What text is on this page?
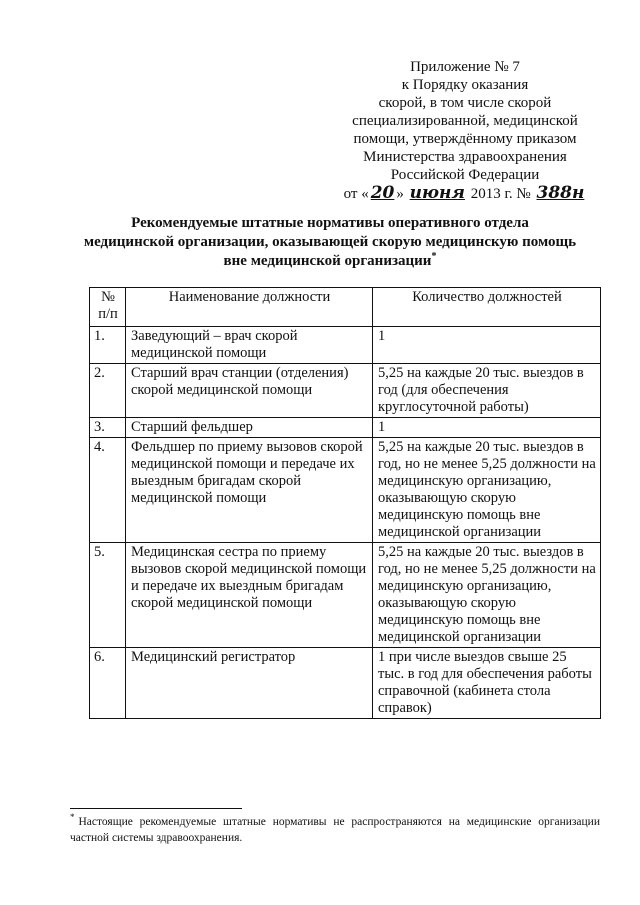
Приложение № 7
к Порядку оказания
скорой, в том числе скорой
специализированной, медицинской
помощи, утверждённому приказом
Министерства здравоохранения
Российской Федерации
от « 20 » июня 2013 г. № 388н
Рекомендуемые штатные нормативы оперативного отдела
медицинской организации, оказывающей скорую медицинскую помощь
вне медицинской организации*
№ п/п	Наименование должности	Количество должностей
1.	Заведующий – врач скорой медицинской помощи	1
2.	Старший врач станции (отделения) скорой медицинской помощи	5,25 на каждые 20 тыс. выездов в год (для обеспечения круглосуточной работы)
3.	Старший фельдшер	1
4.	Фельдшер по приему вызовов скорой медицинской помощи и передаче их выездным бригадам скорой медицинской помощи	5,25 на каждые 20 тыс. выездов в год, но не менее 5,25 должности на медицинскую организацию, оказывающую скорую медицинскую помощь вне медицинской организации
5.	Медицинская сестра по приему вызовов скорой медицинской помощи и передаче их выездным бригадам скорой медицинской помощи	5,25 на каждые 20 тыс. выездов в год, но не менее 5,25 должности на медицинскую организацию, оказывающую скорую медицинскую помощь вне медицинской организации
6.	Медицинский регистратор	1 при числе выездов свыше 25 тыс. в год для обеспечения работы справочной (кабинета стола справок)
* Настоящие рекомендуемые штатные нормативы не распространяются на медицинские организации частной системы здравоохранения.
